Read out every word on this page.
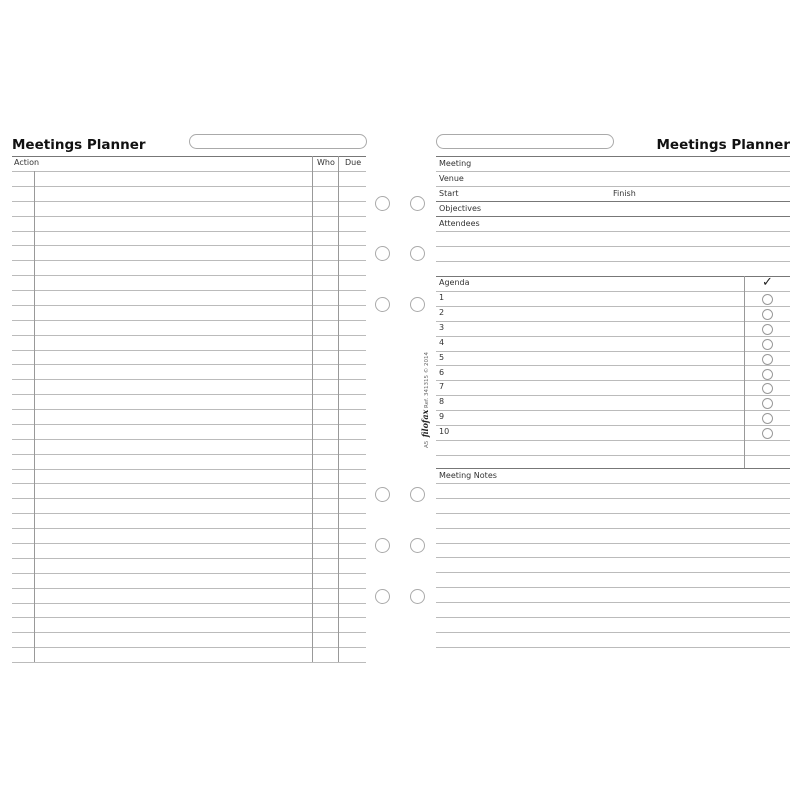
Meetings Planner
Action	Who Due
Meetings Planner
Meeting
Venue
Start	Finish
Objectives
Attendees
Agenda	✓
1
2
3
4
5
6
7
8
9
10
Meeting Notes
A5  filofax Ref. 341315 © 2014
